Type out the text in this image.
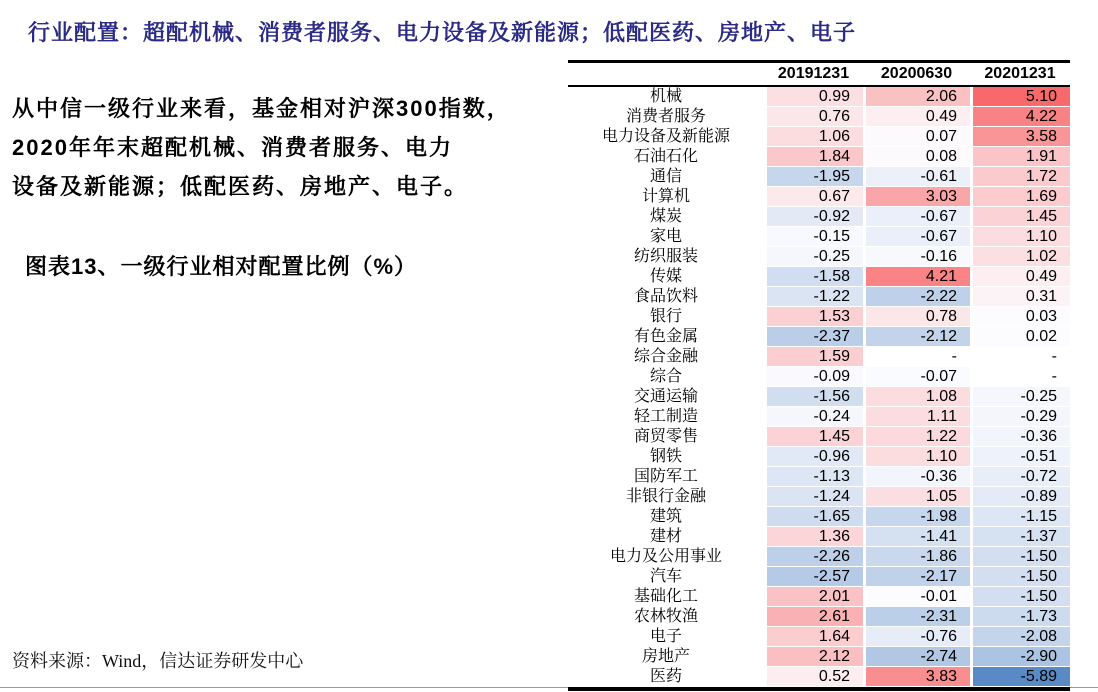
行业配置：超配机械、消费者服务、电力设备及新能源；低配医药、房地产、电子
从中信一级行业来看，基金相对沪深300指数，
2020年年末超配机械、消费者服务、电力
设备及新能源；低配医药、房地产、电子。
图表13、一级行业相对配置比例（%）
资料来源：Wind，信达证券研发中心
20191231	20200630	20201231
机械	0.99	2.06	5.10
消费者服务	0.76	0.49	4.22
电力设备及新能源	1.06	0.07	3.58
石油石化	1.84	0.08	1.91
通信	-1.95	-0.61	1.72
计算机	0.67	3.03	1.69
煤炭	-0.92	-0.67	1.45
家电	-0.15	-0.67	1.10
纺织服装	-0.25	-0.16	1.02
传媒	-1.58	4.21	0.49
食品饮料	-1.22	-2.22	0.31
银行	1.53	0.78	0.03
有色金属	-2.37	-2.12	0.02
综合金融	1.59	-	-
综合	-0.09	-0.07	-
交通运输	-1.56	1.08	-0.25
轻工制造	-0.24	1.11	-0.29
商贸零售	1.45	1.22	-0.36
钢铁	-0.96	1.10	-0.51
国防军工	-1.13	-0.36	-0.72
非银行金融	-1.24	1.05	-0.89
建筑	-1.65	-1.98	-1.15
建材	1.36	-1.41	-1.37
电力及公用事业	-2.26	-1.86	-1.50
汽车	-2.57	-2.17	-1.50
基础化工	2.01	-0.01	-1.50
农林牧渔	2.61	-2.31	-1.73
电子	1.64	-0.76	-2.08
房地产	2.12	-2.74	-2.90
医药	0.52	3.83	-5.89
